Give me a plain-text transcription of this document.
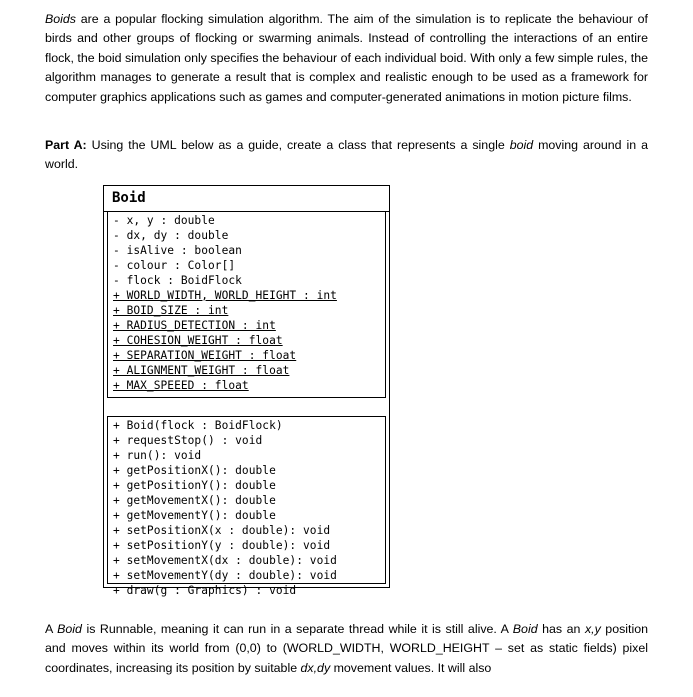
Boids are a popular flocking simulation algorithm. The aim of the simulation is to replicate the behaviour of birds and other groups of flocking or swarming animals. Instead of controlling the interactions of an entire flock, the boid simulation only specifies the behaviour of each individual boid. With only a few simple rules, the algorithm manages to generate a result that is complex and realistic enough to be used as a framework for computer graphics applications such as games and computer-generated animations in motion picture films.

Part A: Using the UML below as a guide, create a class that represents a single boid moving around in a world.

Boid
- x, y : double
- dx, dy : double
- isAlive : boolean
- colour : Color[]
- flock : BoidFlock
+ WORLD_WIDTH, WORLD_HEIGHT : int
+ BOID_SIZE : int
+ RADIUS_DETECTION : int
+ COHESION_WEIGHT : float
+ SEPARATION_WEIGHT : float
+ ALIGNMENT_WEIGHT : float
+ MAX_SPEEED : float
+ Boid(flock : BoidFlock)
+ requestStop() : void
+ run(): void
+ getPositionX(): double
+ getPositionY(): double
+ getMovementX(): double
+ getMovementY(): double
+ setPositionX(x : double): void
+ setPositionY(y : double): void
+ setMovementX(dx : double): void
+ setMovementY(dy : double): void
+ draw(g : Graphics) : void

A Boid is Runnable, meaning it can run in a separate thread while it is still alive. A Boid has an x,y position and moves within its world from (0,0) to (WORLD_WIDTH, WORLD_HEIGHT – set as static fields) pixel coordinates, increasing its position by suitable dx,dy movement values. It will also
